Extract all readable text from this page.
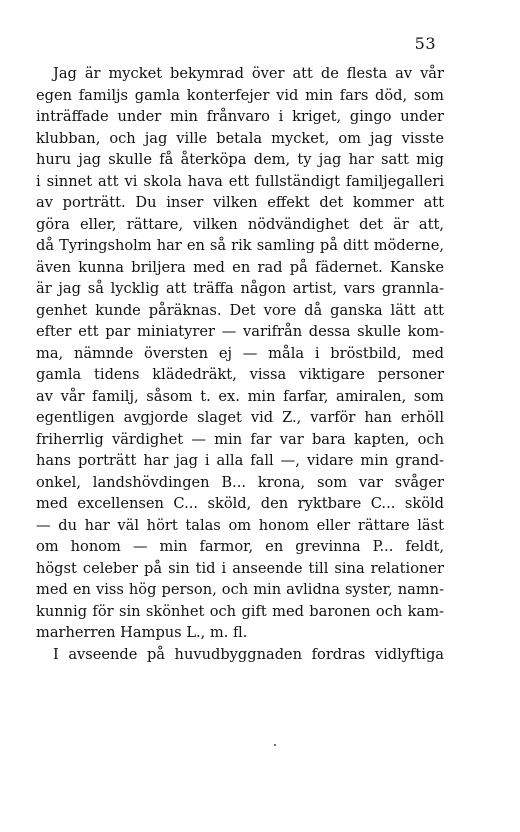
53
Jag är mycket bekymrad över att de flesta av vår
egen familjs gamla konterfejer vid min fars död, som
inträffade under min frånvaro i kriget, gingo under
klubban, och jag ville betala mycket, om jag visste
huru jag skulle få återköpa dem, ty jag har satt mig
i sinnet att vi skola hava ett fullständigt familjegalleri
av porträtt. Du inser vilken effekt det kommer att
göra eller, rättare, vilken nödvändighet det är att,
då Tyringsholm har en så rik samling på ditt möderne,
även kunna briljera med en rad på fädernet. Kanske
är jag så lycklig att träffa någon artist, vars grannla-
genhet kunde påräknas. Det vore då ganska lätt att
efter ett par miniatyrer — varifrån dessa skulle kom-
ma, nämnde översten ej — måla i bröstbild, med
gamla tidens klädedräkt, vissa viktigare personer
av vår familj, såsom t. ex. min farfar, amiralen, som
egentligen avgjorde slaget vid Z., varför han erhöll
friherrlig värdighet — min far var bara kapten, och
hans porträtt har jag i alla fall —, vidare min grand-
onkel, landshövdingen B... krona, som var svåger
med excellensen C... sköld, den ryktbare C... sköld
— du har väl hört talas om honom eller rättare läst
om honom — min farmor, en grevinna P... feldt,
högst celeber på sin tid i anseende till sina relationer
med en viss hög person, och min avlidna syster, namn-
kunnig för sin skönhet och gift med baronen och kam-
marherren Hampus L., m. fl.
I avseende på huvudbyggnaden fordras vidlyftiga
